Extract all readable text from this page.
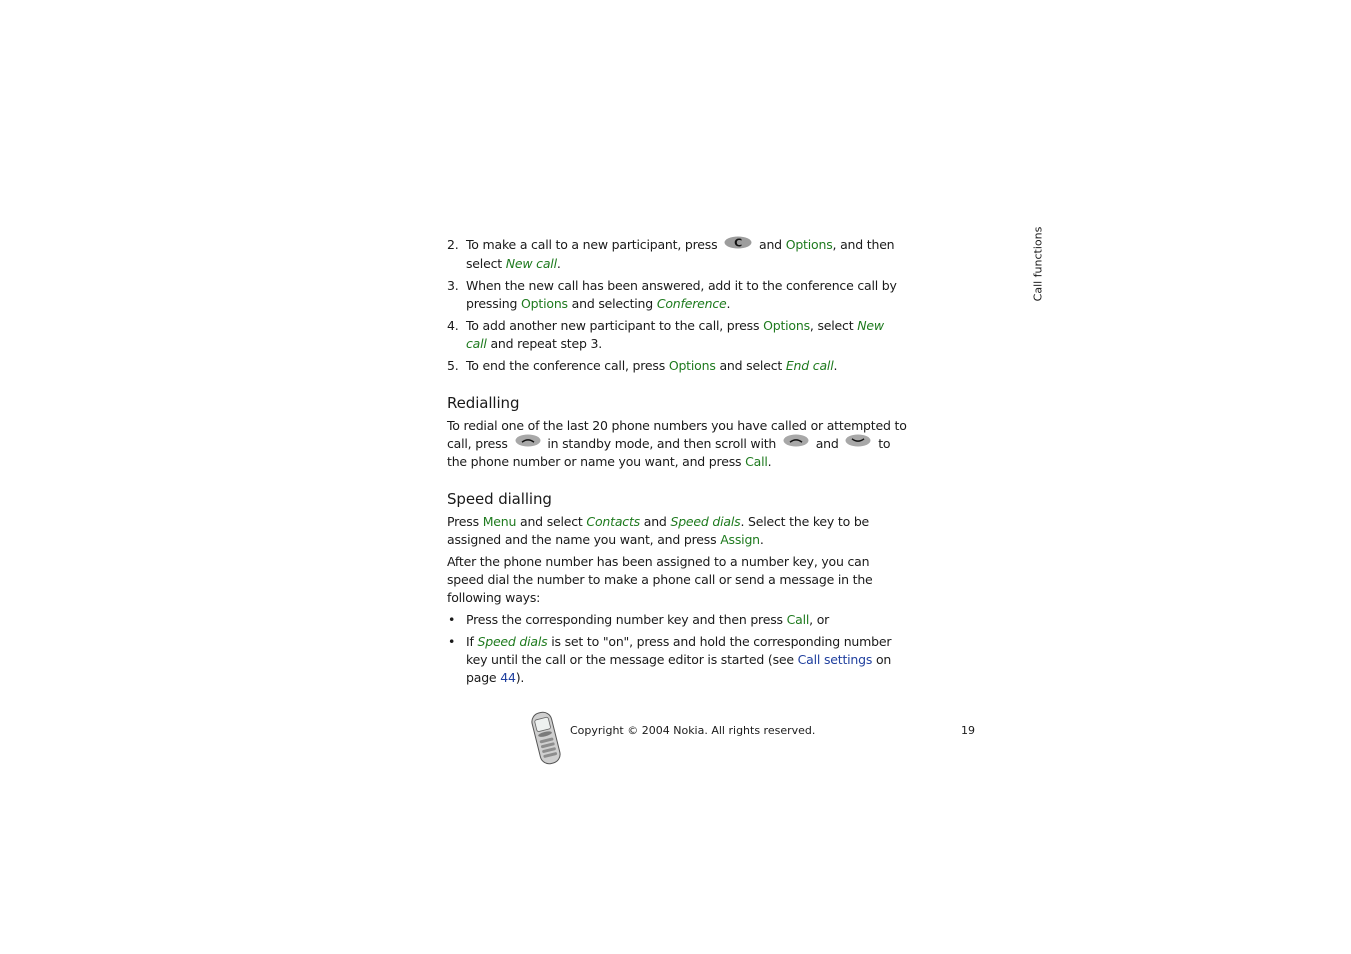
Call functions
2. To make a call to a new participant, press C and Options, and then select New call.
3. When the new call has been answered, add it to the conference call by pressing Options and selecting Conference.
4. To add another new participant to the call, press Options, select New call and repeat step 3.
5. To end the conference call, press Options and select End call.
Redialling

To redial one of the last 20 phone numbers you have called or attempted to call, press	in standby mode, and then scroll with	and	to the phone number or name you want, and press Call.

Speed dialling

Press Menu and select Contacts and Speed dials. Select the key to be assigned and the name you want, and press Assign.

After the phone number has been assigned to a number key, you can speed dial the number to make a phone call or send a message in the following ways:

• Press the corresponding number key and then press Call, or
• If Speed dials is set to "on", press and hold the corresponding number key until the call or the message editor is started (see Call settings on page 44).
Copyright © 2004 Nokia. All rights reserved.	19
